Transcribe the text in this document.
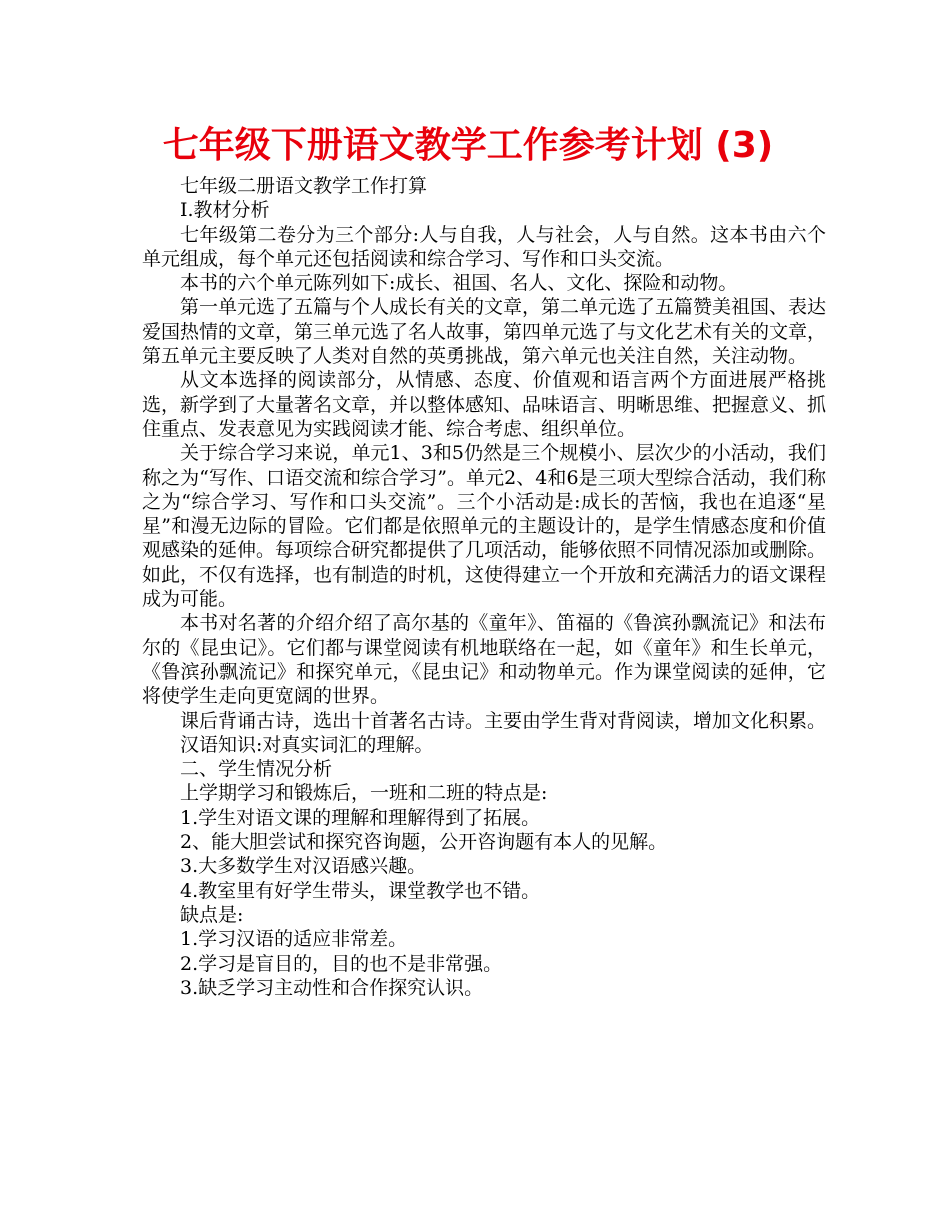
七年级下册语文教学工作参考计划 (3)

七年级二册语文教学工作打算

Ⅰ.教材分析

七年级第二卷分为三个部分:人与自我，人与社会，人与自然。这本书由六个单元组成，每个单元还包括阅读和综合学习、写作和口头交流。

本书的六个单元陈列如下:成长、祖国、名人、文化、探险和动物。

第一单元选了五篇与个人成长有关的文章，第二单元选了五篇赞美祖国、表达爱国热情的文章，第三单元选了名人故事，第四单元选了与文化艺术有关的文章，第五单元主要反映了人类对自然的英勇挑战，第六单元也关注自然，关注动物。

从文本选择的阅读部分，从情感、态度、价值观和语言两个方面进展严格挑选，新学到了大量著名文章，并以整体感知、品味语言、明晰思维、把握意义、抓住重点、发表意见为实践阅读才能、综合考虑、组织单位。

关于综合学习来说，单元1、3和5仍然是三个规模小、层次少的小活动，我们称之为“写作、口语交流和综合学习”。单元2、4和6是三项大型综合活动，我们称之为“综合学习、写作和口头交流”。三个小活动是:成长的苦恼，我也在追逐“星星”和漫无边际的冒险。它们都是依照单元的主题设计的，是学生情感态度和价值观感染的延伸。每项综合研究都提供了几项活动，能够依照不同情况添加或删除。如此，不仅有选择，也有制造的时机，这使得建立一个开放和充满活力的语文课程成为可能。

本书对名著的介绍介绍了高尔基的《童年》、笛福的《鲁滨孙飘流记》和法布尔的《昆虫记》。它们都与课堂阅读有机地联络在一起，如《童年》和生长单元，《鲁滨孙飘流记》和探究单元，《昆虫记》和动物单元。作为课堂阅读的延伸，它将使学生走向更宽阔的世界。

课后背诵古诗，选出十首著名古诗。主要由学生背对背阅读，增加文化积累。

汉语知识:对真实词汇的理解。

二、学生情况分析

上学期学习和锻炼后，一班和二班的特点是:

1.学生对语文课的理解和理解得到了拓展。

2、能大胆尝试和探究咨询题，公开咨询题有本人的见解。

3.大多数学生对汉语感兴趣。

4.教室里有好学生带头，课堂教学也不错。

缺点是:

1.学习汉语的适应非常差。

2.学习是盲目的，目的也不是非常强。

3.缺乏学习主动性和合作探究认识。
